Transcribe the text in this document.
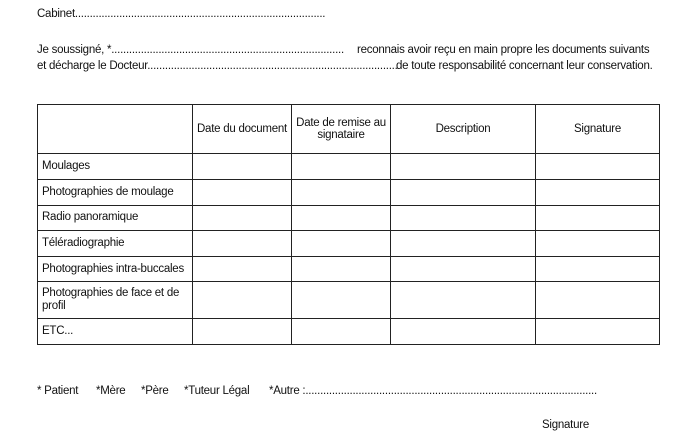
Cabinet.....................................................................................
Je soussigné, *............................................................................... reconnais avoir reçu en main propre les documents suivants
et décharge le Docteur.....................................................................................
de toute responsabilité concernant leur conservation.
	Date du document	Date de remise au signataire	Description	Signature
Moulages				
Photographies de moulage				
Radio panoramique				
Téléradiographie				
Photographies intra-buccales				
Photographies de face et de profil				
ETC...				
* Patient *Mère *Père *Tuteur Légal *Autre :...................................................................................................
Signature
